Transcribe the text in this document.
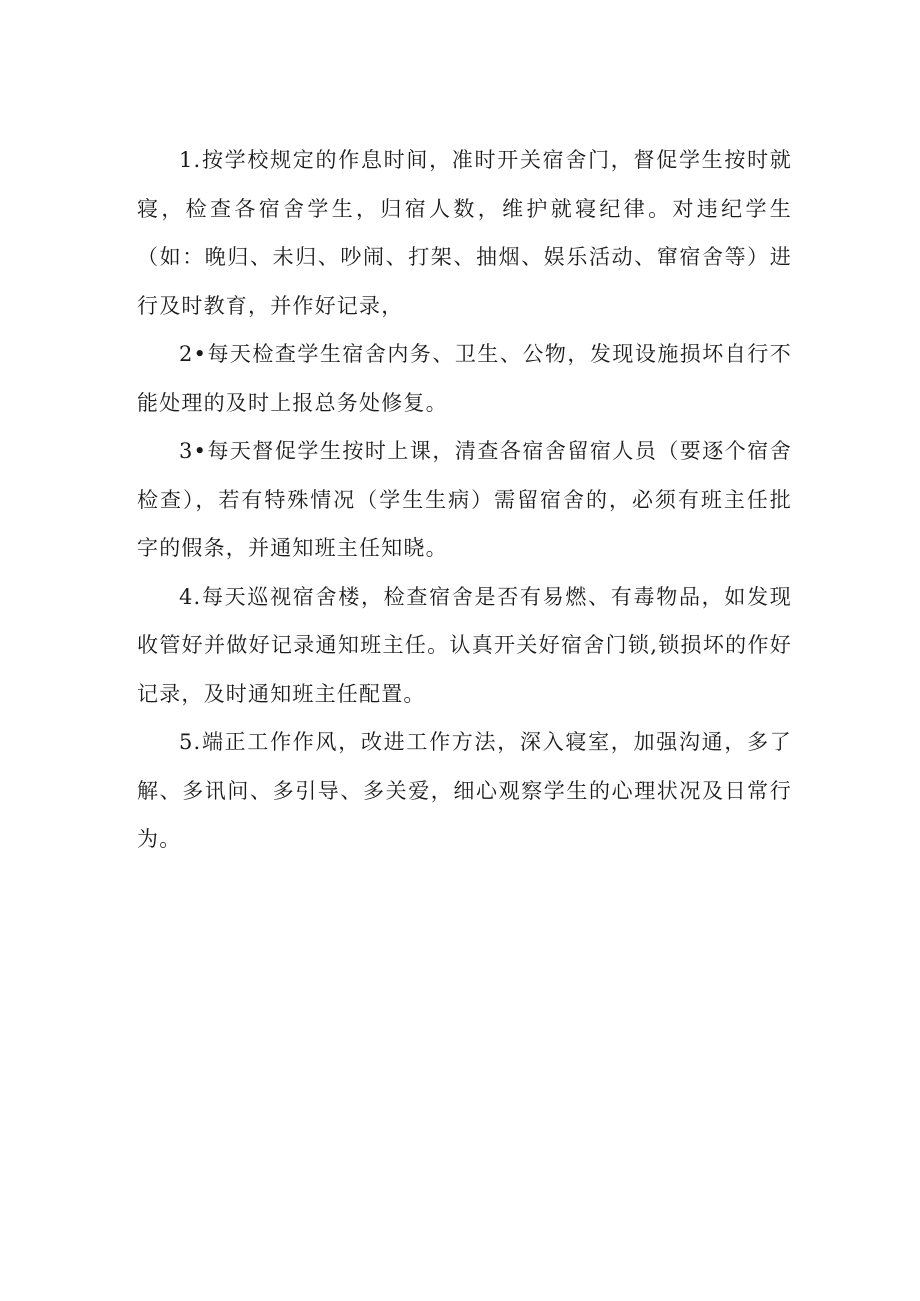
1.按学校规定的作息时间，准时开关宿舍门，督促学生按时就寝，检查各宿舍学生，归宿人数，维护就寝纪律。对违纪学生（如：晚归、未归、吵闹、打架、抽烟、娱乐活动、窜宿舍等）进行及时教育，并作好记录，

2•每天检查学生宿舍内务、卫生、公物，发现设施损坏自行不能处理的及时上报总务处修复。

3•每天督促学生按时上课，清查各宿舍留宿人员（要逐个宿舍检查），若有特殊情况（学生生病）需留宿舍的，必须有班主任批字的假条，并通知班主任知晓。

4.每天巡视宿舍楼，检查宿舍是否有易燃、有毒物品，如发现收管好并做好记录通知班主任。认真开关好宿舍门锁,锁损坏的作好记录，及时通知班主任配置。

5.端正工作作风，改进工作方法，深入寝室，加强沟通，多了解、多讯问、多引导、多关爱，细心观察学生的心理状况及日常行为。
